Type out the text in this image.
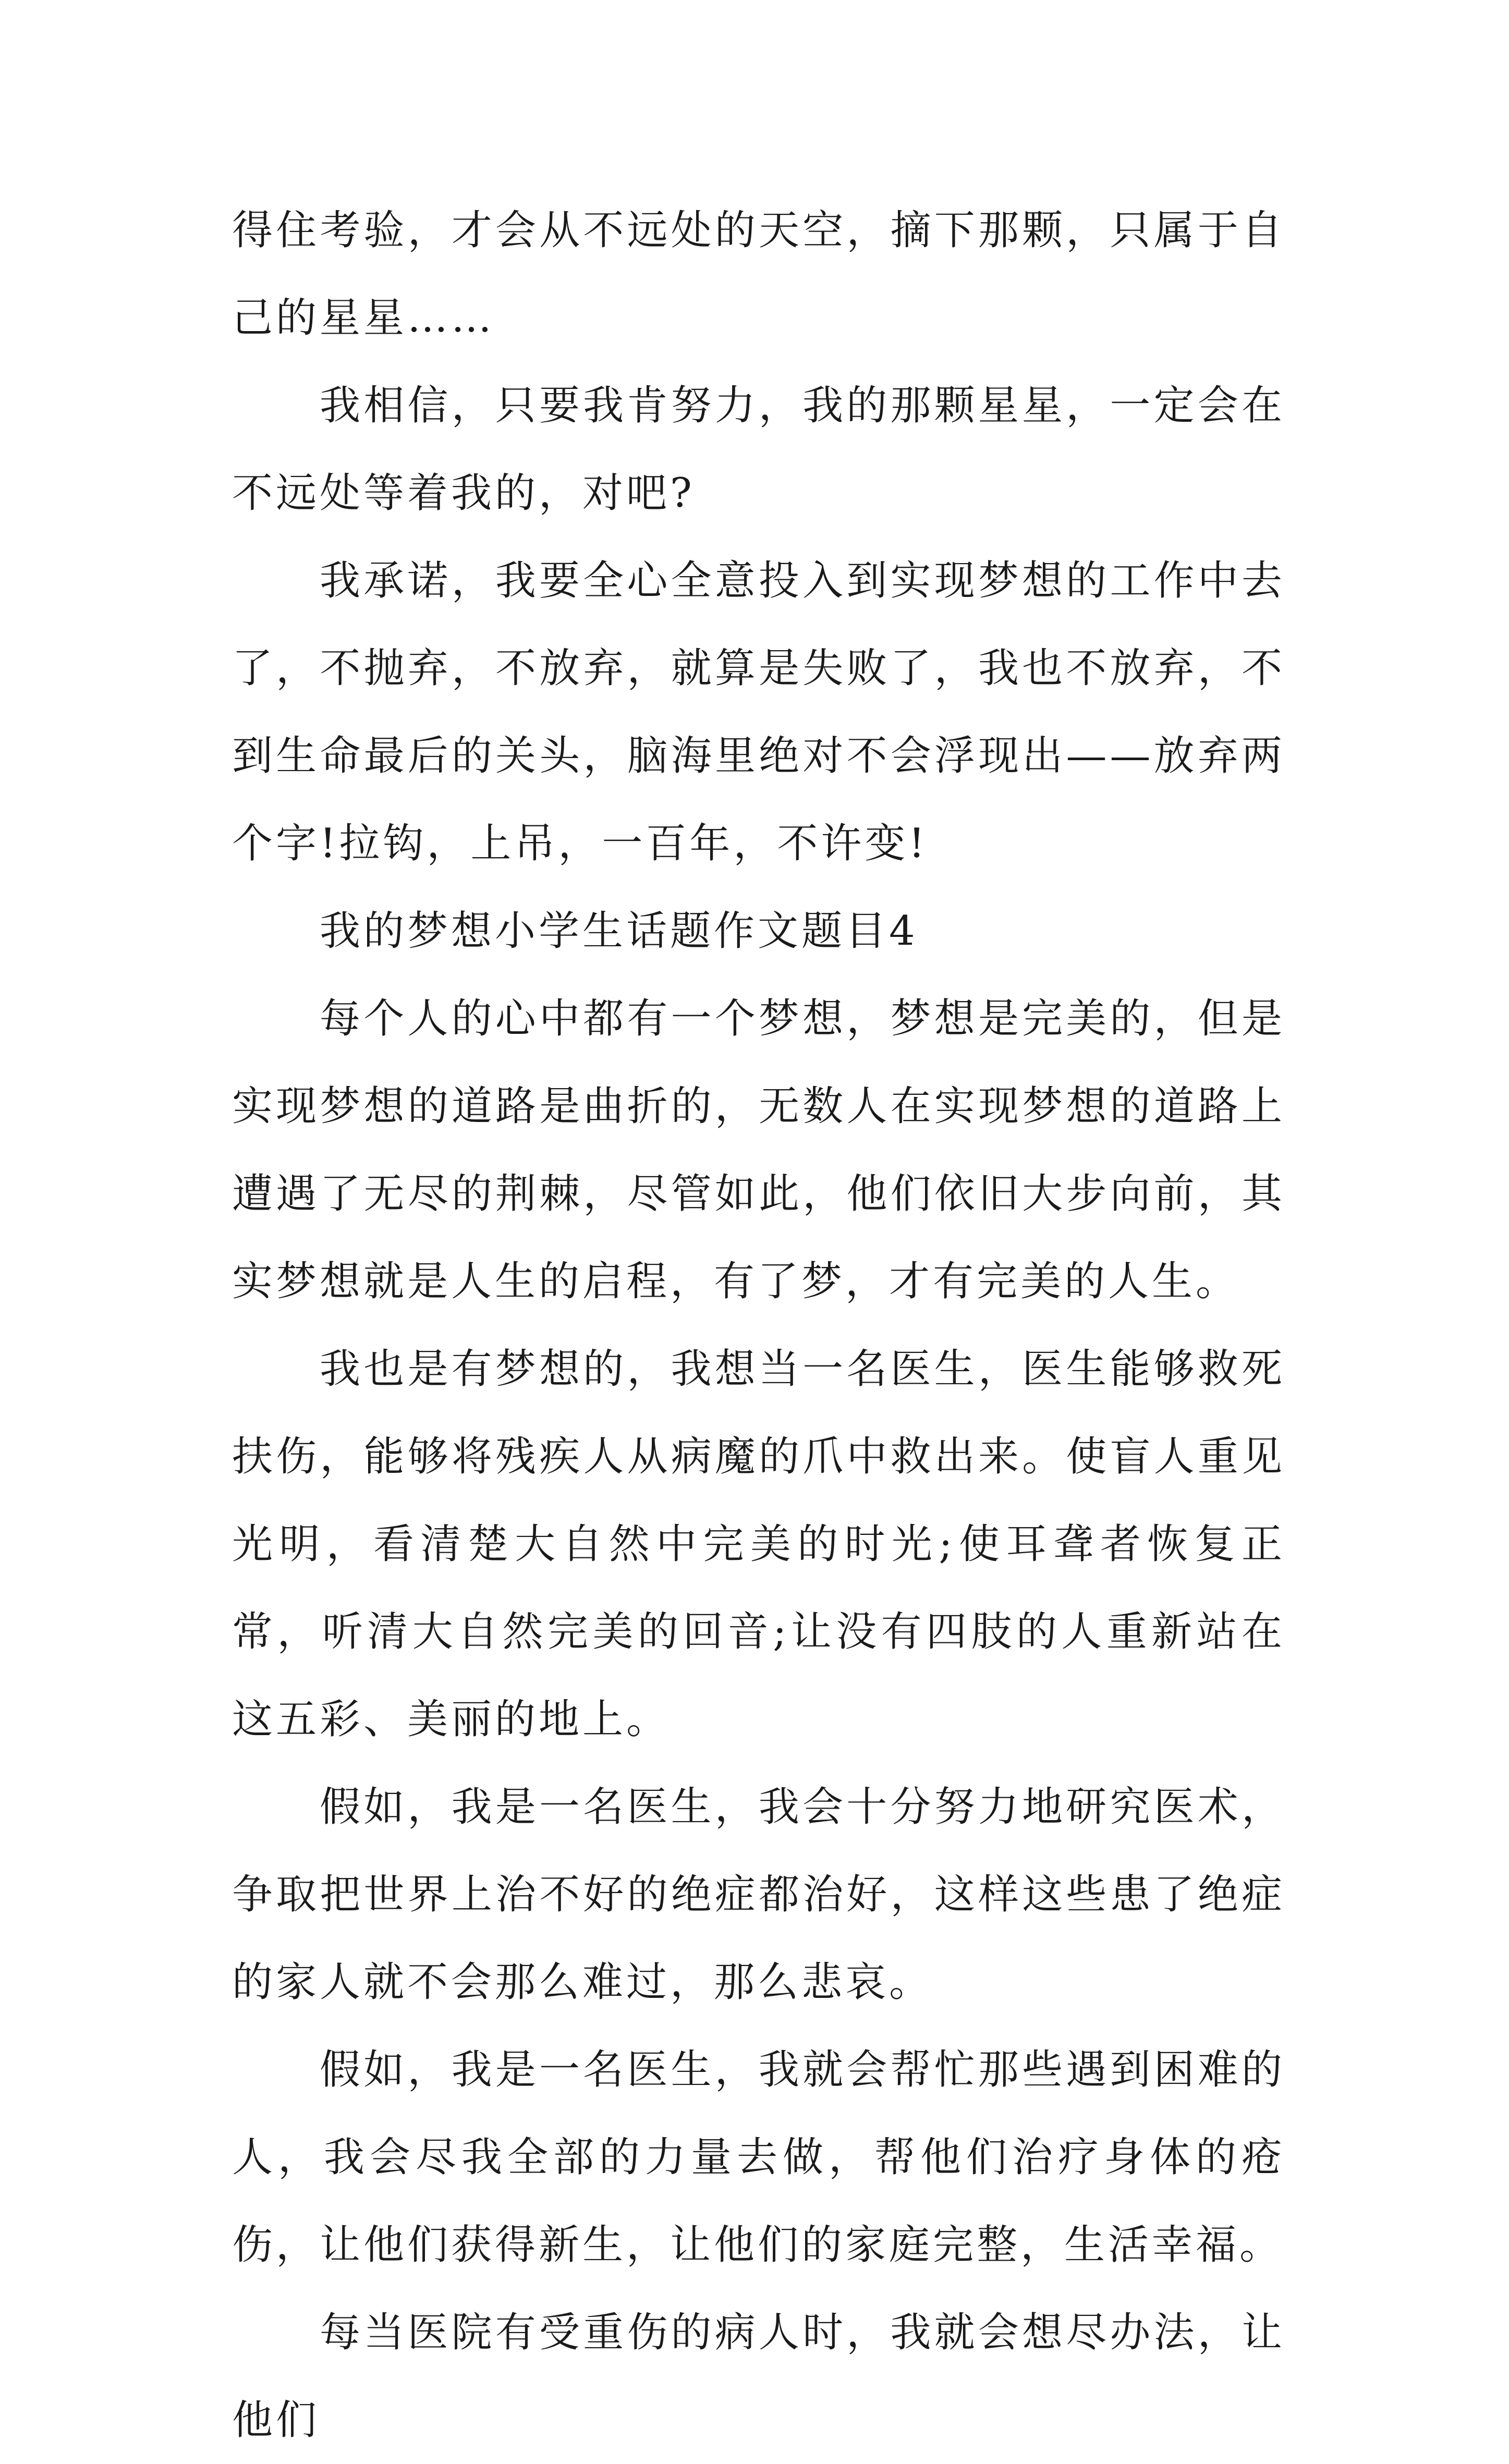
得住考验，才会从不远处的天空，摘下那颗，只属于自己的星星……

我相信，只要我肯努力，我的那颗星星，一定会在不远处等着我的，对吧?

我承诺，我要全心全意投入到实现梦想的工作中去了，不抛弃，不放弃，就算是失败了，我也不放弃，不到生命最后的关头，脑海里绝对不会浮现出——放弃两个字!拉钩，上吊，一百年，不许变!

我的梦想小学生话题作文题目4

每个人的心中都有一个梦想，梦想是完美的，但是实现梦想的道路是曲折的，无数人在实现梦想的道路上遭遇了无尽的荆棘，尽管如此，他们依旧大步向前，其实梦想就是人生的启程，有了梦，才有完美的人生。

我也是有梦想的，我想当一名医生，医生能够救死扶伤，能够将残疾人从病魔的爪中救出来。使盲人重见光明，看清楚大自然中完美的时光;使耳聋者恢复正常，听清大自然完美的回音;让没有四肢的人重新站在这五彩、美丽的地上。

假如，我是一名医生，我会十分努力地研究医术，争取把世界上治不好的绝症都治好，这样这些患了绝症的家人就不会那么难过，那么悲哀。

假如，我是一名医生，我就会帮忙那些遇到困难的人，我会尽我全部的力量去做，帮他们治疗身体的疮伤，让他们获得新生，让他们的家庭完整，生活幸福。

每当医院有受重伤的病人时，我就会想尽办法，让他们
